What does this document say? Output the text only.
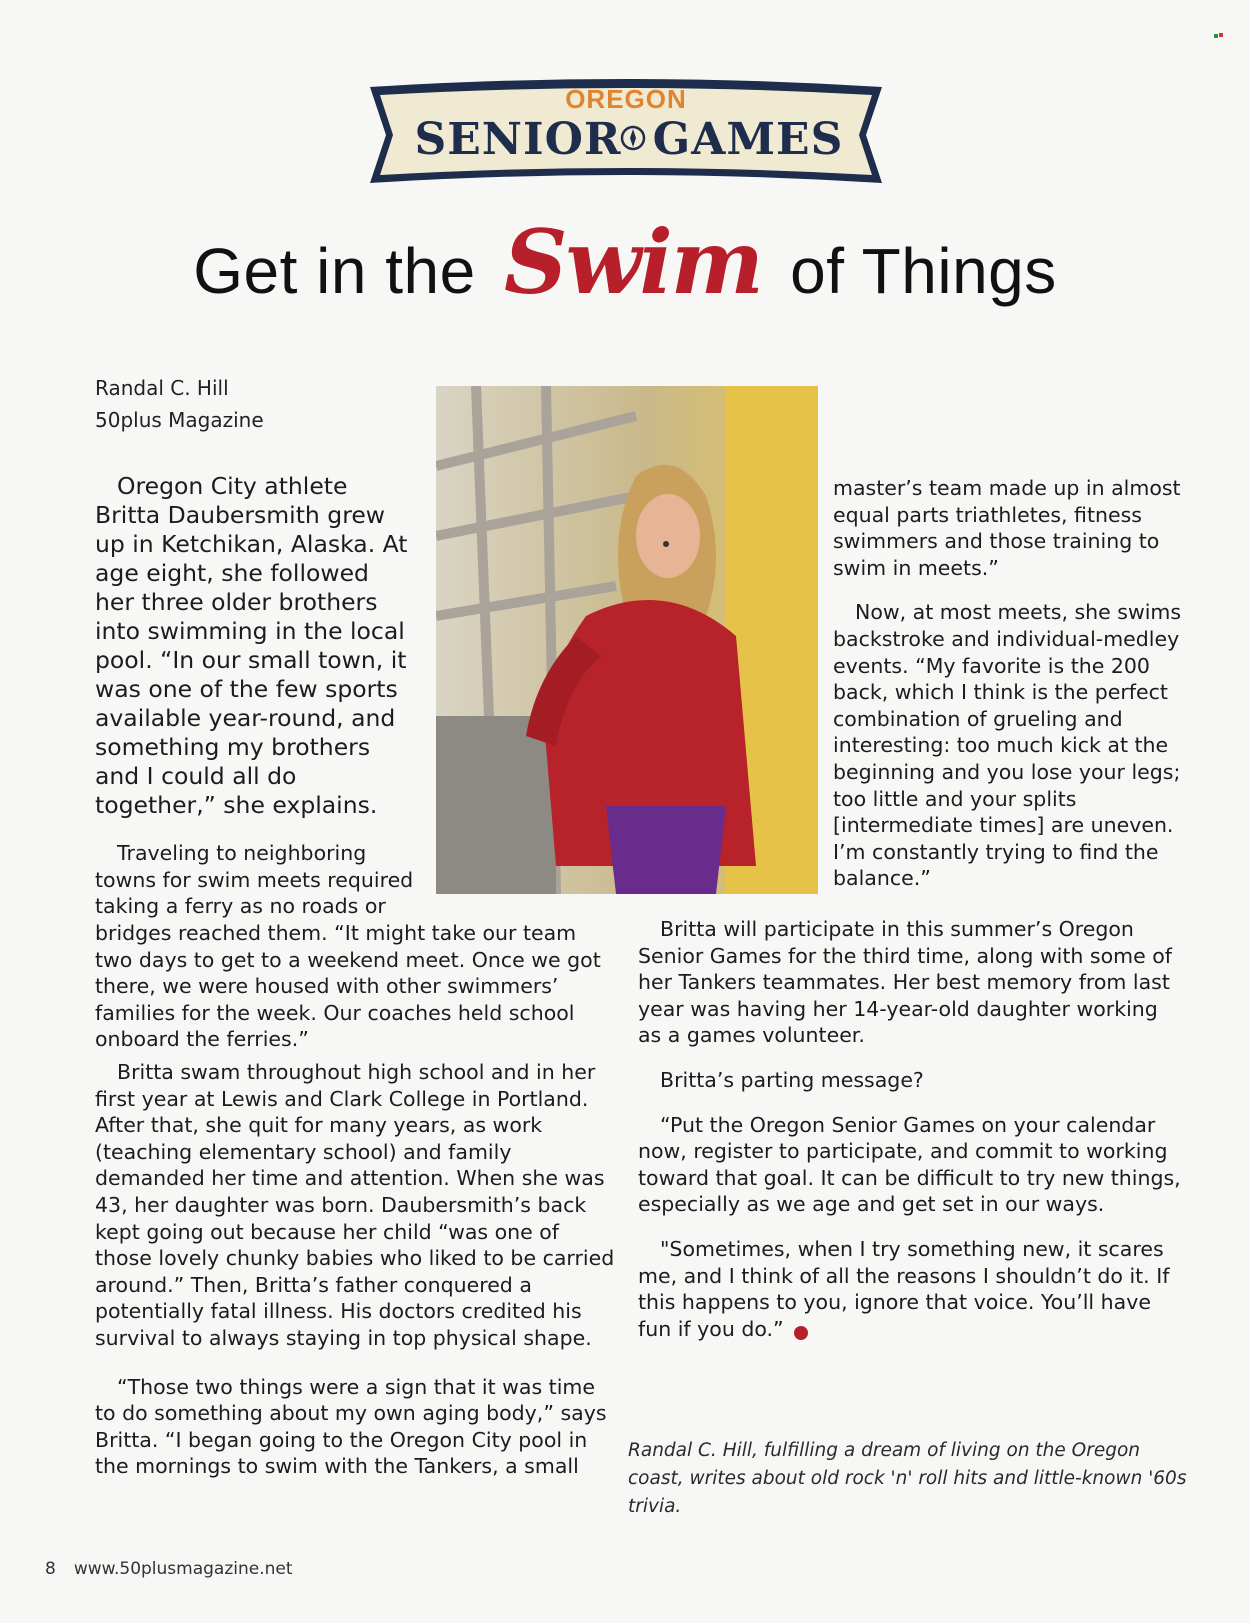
OREGON
SENIOR GAMES
Get in the Swim of Things
Randal C. Hill
50plus Magazine

Oregon City athlete Britta Daubersmith grew up in Ketchikan, Alaska. At age eight, she followed her three older brothers into swimming in the local pool. “In our small town, it was one of the few sports available year-round, and something my brothers and I could all do together,” she explains.

Traveling to neighboring towns for swim meets required taking a ferry as no roads or

bridges reached them. “It might take our team two days to get to a weekend meet. Once we got there, we were housed with other swimmers’ families for the week. Our coaches held school onboard the ferries.”

Britta swam throughout high school and in her first year at Lewis and Clark College in Portland. After that, she quit for many years, as work (teaching elementary school) and family demanded her time and attention. When she was 43, her daughter was born. Daubersmith’s back kept going out because her child “was one of those lovely chunky babies who liked to be carried around.” Then, Britta’s father conquered a potentially fatal illness. His doctors credited his survival to always staying in top physical shape.

“Those two things were a sign that it was time to do something about my own aging body,” says Britta. “I began going to the Oregon City pool in the mornings to swim with the Tankers, a small

master’s team made up in almost equal parts triathletes, fitness swimmers and those training to swim in meets.”

Now, at most meets, she swims backstroke and individual-medley events. “My favorite is the 200 back, which I think is the perfect combination of grueling and interesting: too much kick at the beginning and you lose your legs; too little and your splits [intermediate times] are uneven. I’m constantly trying to find the balance.”

Britta will participate in this summer’s Oregon Senior Games for the third time, along with some of her Tankers teammates. Her best memory from last year was having her 14-year-old daughter working as a games volunteer.

Britta’s parting message?

“Put the Oregon Senior Games on your calendar now, register to participate, and commit to working toward that goal. It can be difficult to try new things, especially as we age and get set in our ways.

"Sometimes, when I try something new, it scares me, and I think of all the reasons I shouldn’t do it. If this happens to you, ignore that voice. You’ll have fun if you do.”

Randal C. Hill, fulfilling a dream of living on the Oregon coast, writes about old rock 'n' roll hits and little-known '60s trivia.
8 www.50plusmagazine.net
